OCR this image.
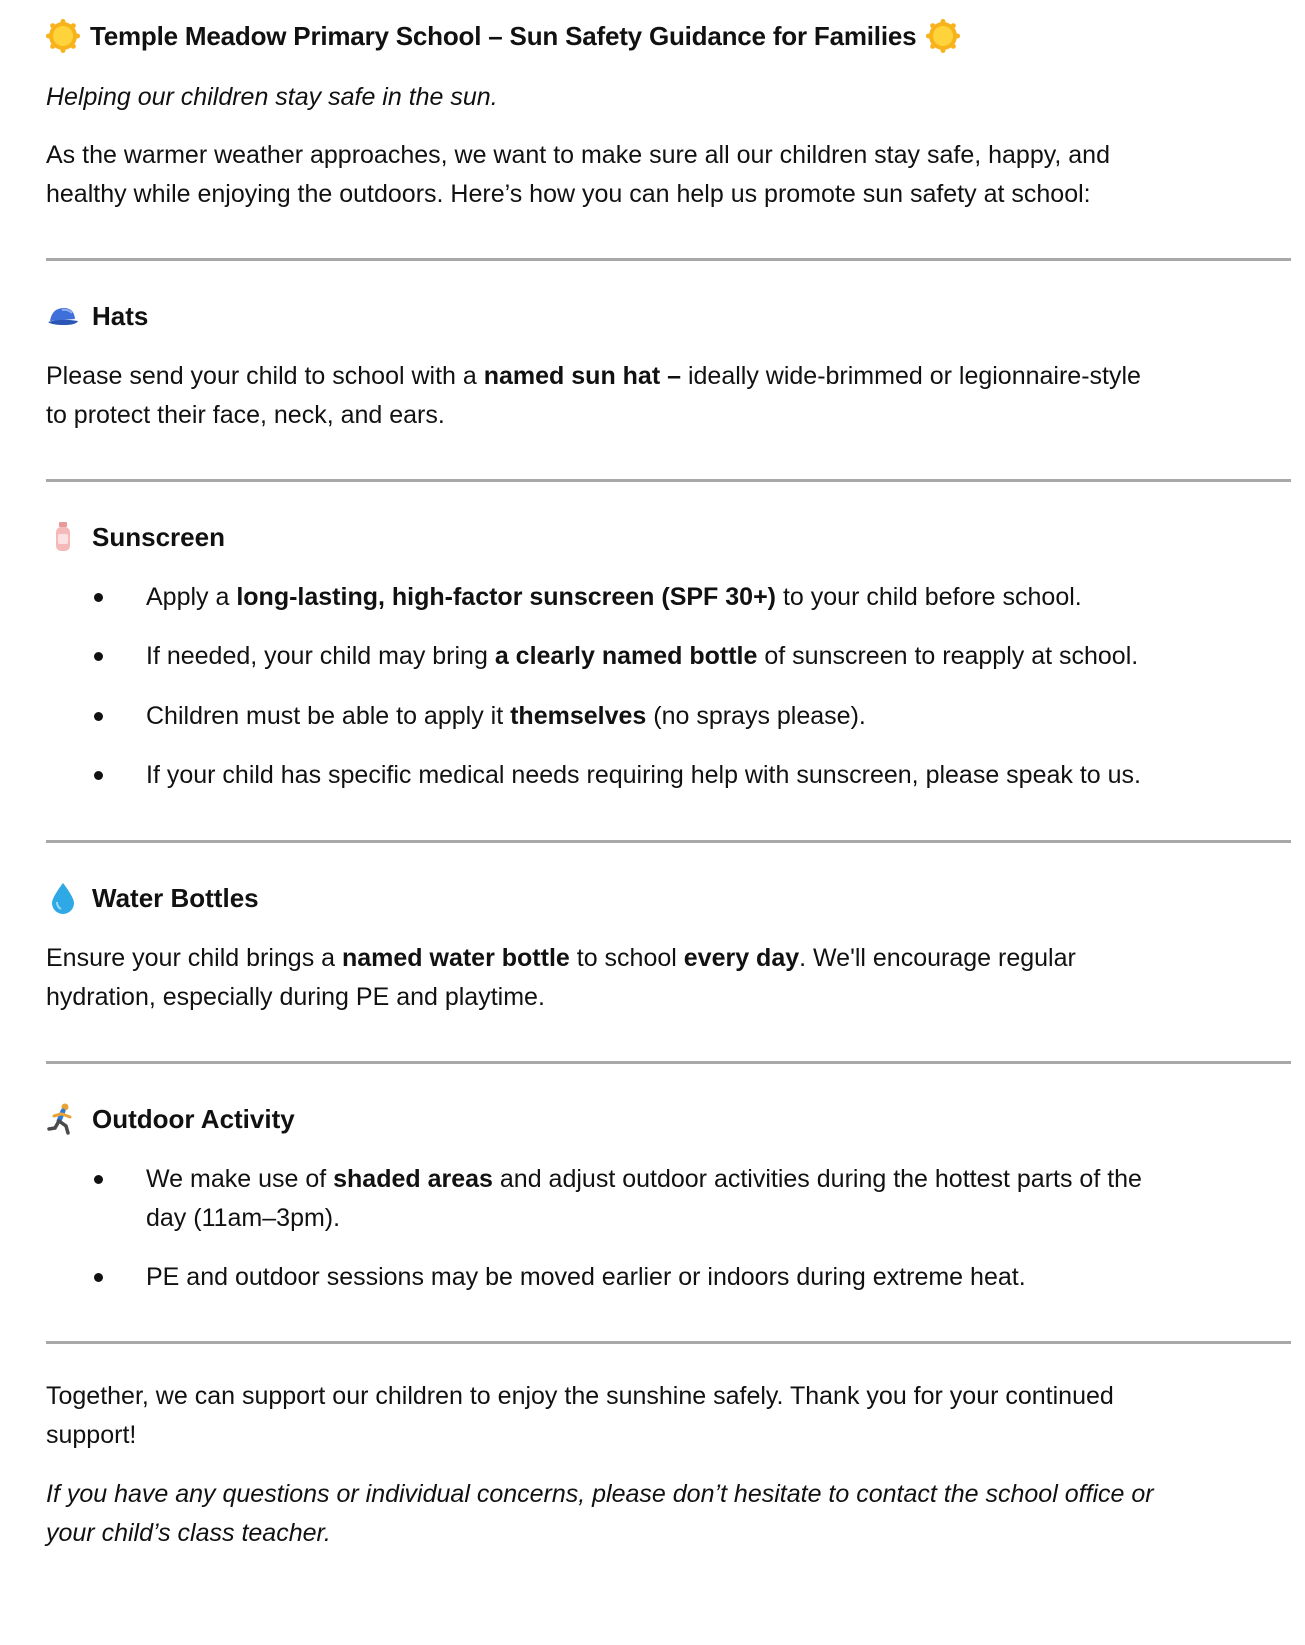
Temple Meadow Primary School – Sun Safety Guidance for Families
Helping our children stay safe in the sun.
As the warmer weather approaches, we want to make sure all our children stay safe, happy, and
healthy while enjoying the outdoors. Here’s how you can help us promote sun safety at school:
Hats
Please send your child to school with a named sun hat – ideally wide-brimmed or legionnaire-style
to protect their face, neck, and ears.
Sunscreen
Apply a long-lasting, high-factor sunscreen (SPF 30+) to your child before school.
If needed, your child may bring a clearly named bottle of sunscreen to reapply at school.
Children must be able to apply it themselves (no sprays please).
If your child has specific medical needs requiring help with sunscreen, please speak to us.
Water Bottles
Ensure your child brings a named water bottle to school every day. We'll encourage regular
hydration, especially during PE and playtime.
Outdoor Activity
We make use of shaded areas and adjust outdoor activities during the hottest parts of the
day (11am–3pm).
PE and outdoor sessions may be moved earlier or indoors during extreme heat.
Together, we can support our children to enjoy the sunshine safely. Thank you for your continued
support!
If you have any questions or individual concerns, please don’t hesitate to contact the school office or
your child’s class teacher.
